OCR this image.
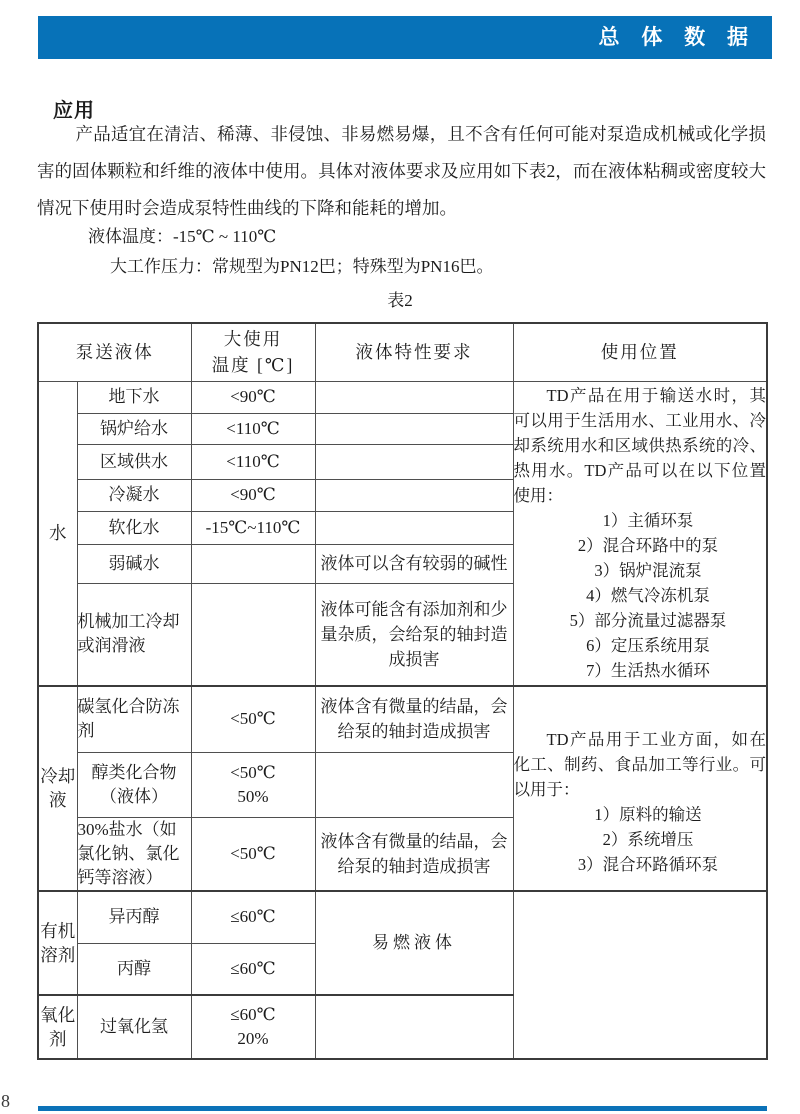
总 体 数 据
应用
产品适宜在清洁、稀薄、非侵蚀、非易燃易爆，且不含有任何可能对泵造成机械或化学损害的固体颗粒和纤维的液体中使用。具体对液体要求及应用如下表2，而在液体粘稠或密度较大情况下使用时会造成泵特性曲线的下降和能耗的增加。
液体温度：-15℃ ~ 110℃
大工作压力：常规型为PN12巴；特殊型为PN16巴。
表2
泵送液体		大使用
温度 [℃]	液体特性要求	使用位置
水	地下水	<90℃		TD产品在用于输送水时，其可以用于生活用水、工业用水、冷却系统用水和区域供热系统的冷、热用水。TD产品可以在以下位置使用：
1）主循环泵
2）混合环路中的泵
3）锅炉混流泵
4）燃气冷冻机泵
5）部分流量过滤器泵
6）定压系统用泵
7）生活热水循环

	锅炉给水	<110℃		
	区域供水	<110℃		
	冷凝水	<90℃		
	软化水	-15℃~110℃		
	弱碱水		液体可以含有较弱的碱性	
	机械加工冷却或润滑液		液体可能含有添加剂和少量杂质，会给泵的轴封造成损害	
冷却液	碳氢化合防冻剂	<50℃	液体含有微量的结晶，会给泵的轴封造成损害	TD产品用于工业方面，如在化工、制药、食品加工等行业。可以用于：
1）原料的输送
2）系统增压
3）混合环路循环泵

	醇类化合物（液体）	<50℃
50%		

	30%盐水（如氯化钠、氯化钙等溶液）	<50℃	液体含有微量的结晶，会给泵的轴封造成损害	
有机溶剂	异丙醇	≤60℃	易燃液体	
	丙醇	≤60℃		
氧化剂	过氧化氢	≤60℃
20%		

8
